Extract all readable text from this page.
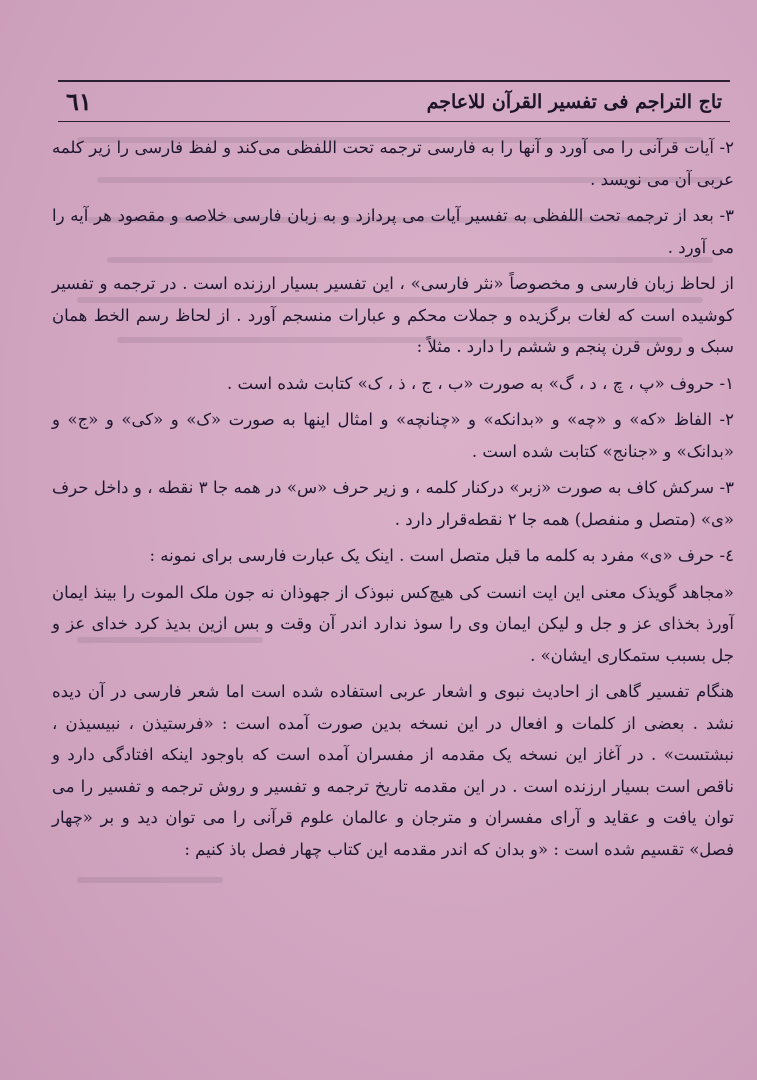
تاج التراجم فى تفسير القرآن للاعاجم
٦١

٢- آیات قرآنی را می آورد و آنها را به فارسی ترجمه تحت اللفظی می‌کند و لفظ فارسی را زیر کلمه عربی آن می نویسد .

٣- بعد از ترجمه تحت اللفظی به تفسیر آیات می پردازد و به زبان فارسی خلاصه و مقصود هر آیه را می آورد .

از لحاظ زبان فارسی و مخصوصاً «نثر فارسی» ، این تفسیر بسیار ارزنده است . در ترجمه و تفسیر کوشیده است که لغات برگزیده و جملات محکم و عبارات منسجم آورد . از لحاظ رسم الخط همان سبک و روش قرن پنجم و ششم را دارد . مثلاً :

١- حروف «پ ، چ ، د ، گ» به صورت «ب ، ج ، ذ ، ک» کتابت شده است .

٢- الفاظ «که» و «چه» و «بدانکه» و «چنانچه» و امثال اینها به صورت «ک» و «کی» و «ج» و «بدانک» و «جنانج» کتابت شده است .

٣- سرکش کاف به صورت «زبر» درکنار کلمه ، و زیر حرف «س» در همه جا ٣ نقطه ، و داخل حرف «ی» (متصل و منفصل) همه جا ٢ نقطه‌قرار دارد .

٤- حرف «ی» مفرد به کلمه ما قبل متصل است . اینک یک عبارت فارسی برای نمونه :

«مجاهد گویذک معنی این ایت انست کی هیچ‌کس نبوذک از جهوذان نه جون ملک الموت را بینذ ایمان آورذ بخذای عز و جل و لیکن ایمان وی را سوذ ندارد اندر آن وقت و بس ازین بدیذ کرد خدای عز و جل بسبب ستمکاری ایشان» .

هنگام تفسیر گاهی از احادیث نبوی و اشعار عربی استفاده شده است اما شعر فارسی در آن دیده نشد . بعضی از کلمات و افعال در این نسخه بدین صورت آمده است : «فرستیذن ، نبیسیذن ، نبشتست» . در آغاز این نسخه یک مقدمه از مفسران آمده است که باوجود اینکه افتادگی دارد و ناقص است بسیار ارزنده است . در این مقدمه تاریخ ترجمه و تفسیر و روش ترجمه و تفسیر را می توان یافت و عقاید و آرای مفسران و مترجان و عالمان علوم قرآنی را می توان دید و بر «چهار فصل» تقسیم شده است : «و بدان که اندر مقدمه این کتاب چهار فصل باذ کنیم :
